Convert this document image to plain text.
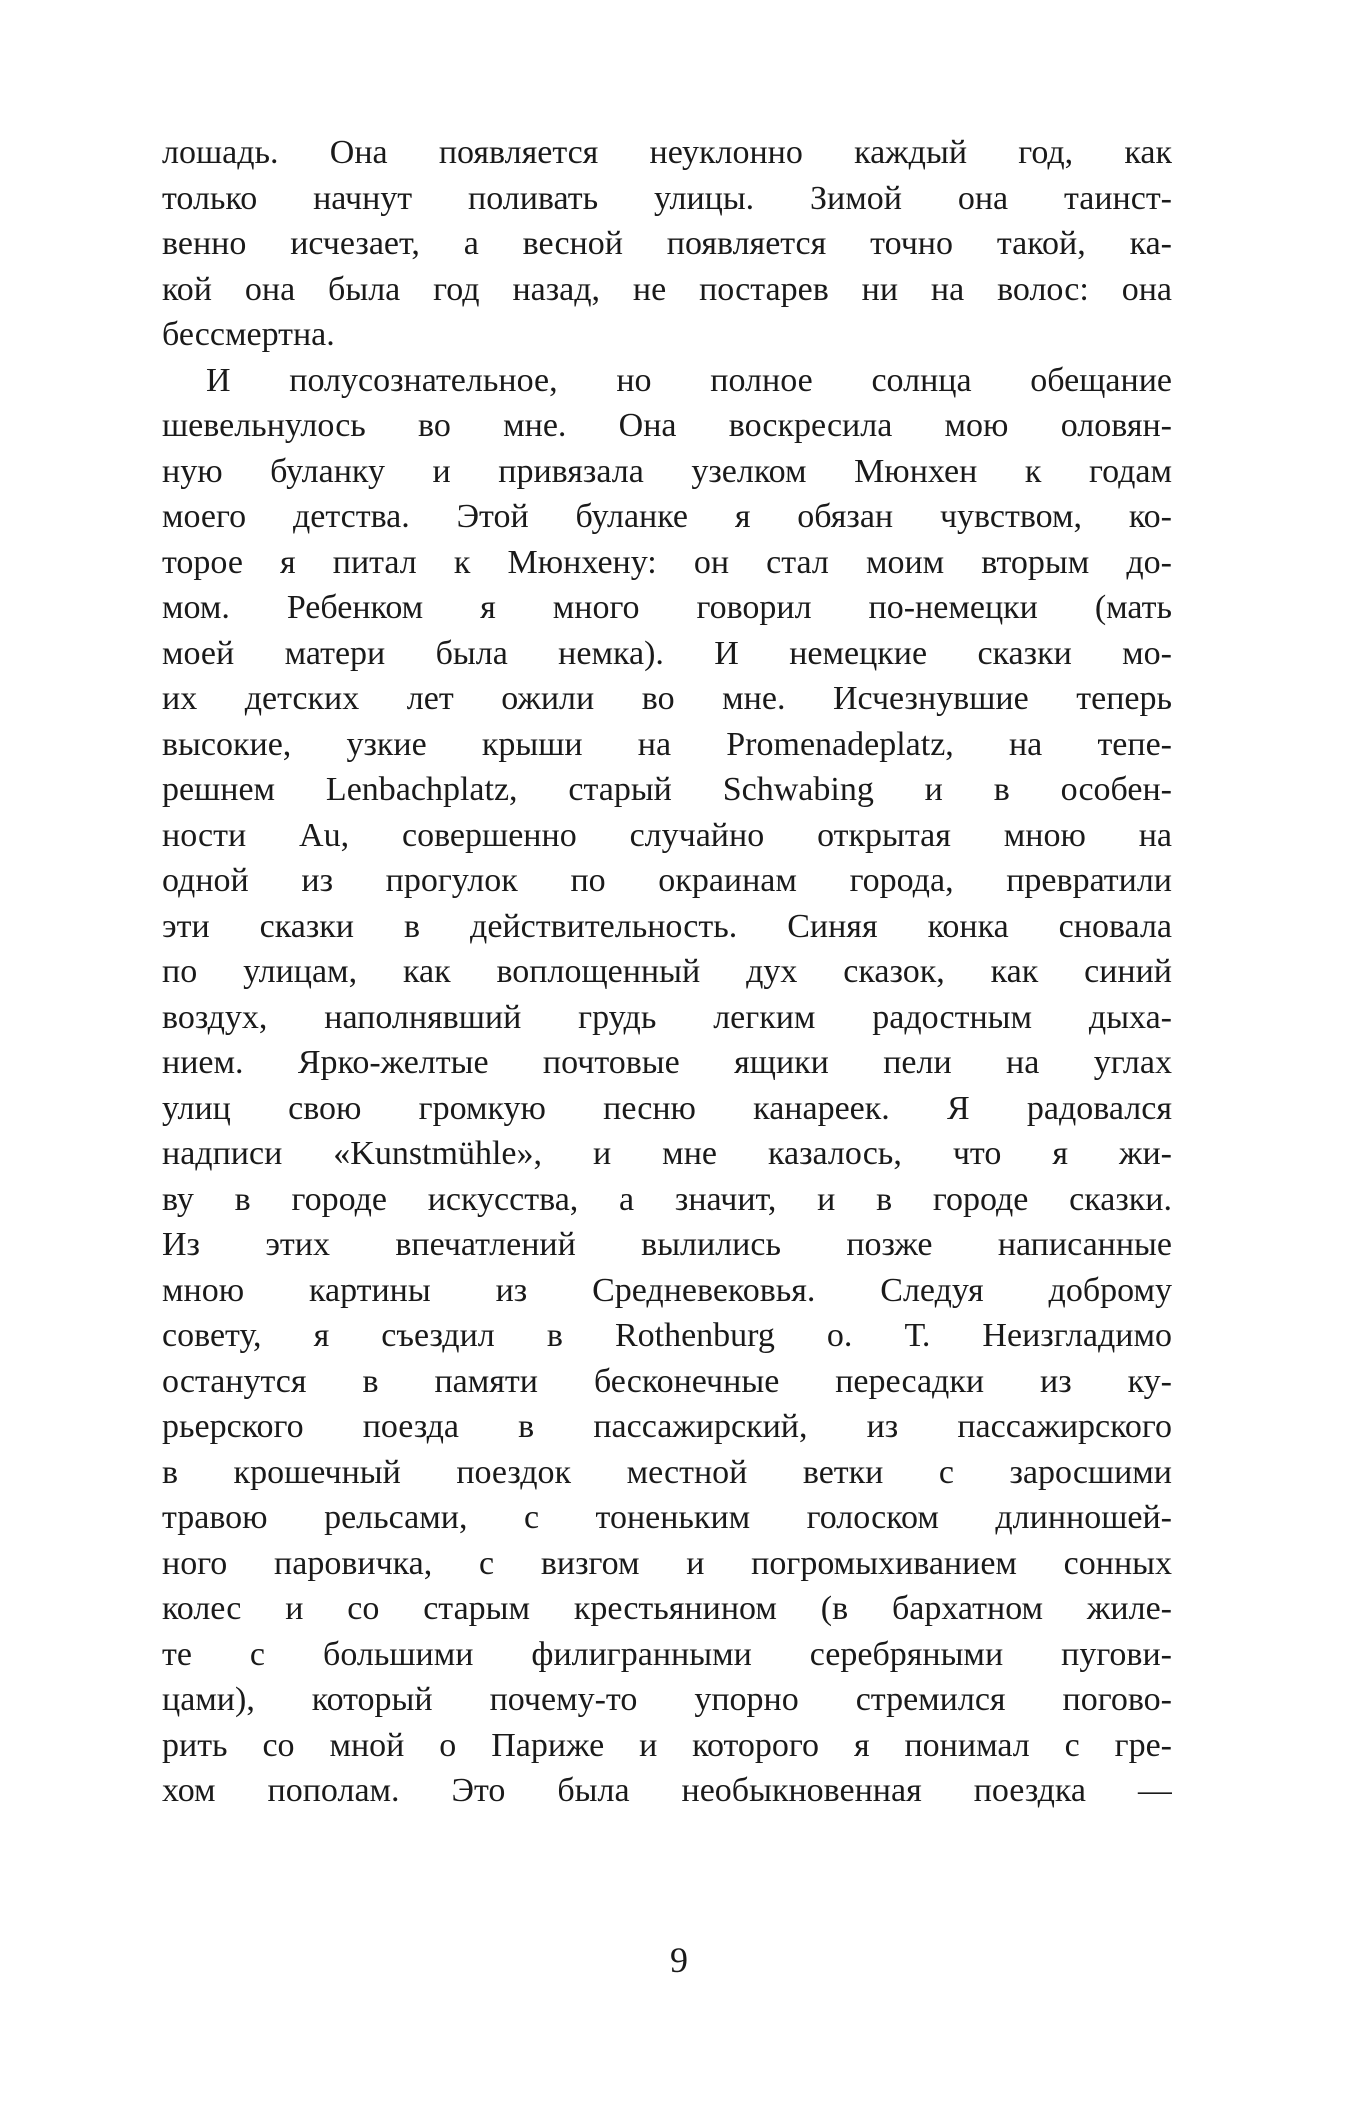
лошадь. Она появляется неуклонно каждый год, как
только начнут поливать улицы. Зимой она таинст-
венно исчезает, а весной появляется точно такой, ка-
кой она была год назад, не постарев ни на волос: она
бессмертна.
И полусознательное, но полное солнца обещание
шевельнулось во мне. Она воскресила мою оловян-
ную буланку и привязала узелком Мюнхен к годам
моего детства. Этой буланке я обязан чувством, ко-
торое я питал к Мюнхену: он стал моим вторым до-
мом. Ребенком я много говорил по-немецки (мать
моей матери была немка). И немецкие сказки мо-
их детских лет ожили во мне. Исчезнувшие теперь
высокие, узкие крыши на Promenadeplatz, на тепе-
решнем Lenbachplatz, старый Schwabing и в особен-
ности Au, совершенно случайно открытая мною на
одной из прогулок по окраинам города, превратили
эти сказки в действительность. Синяя конка сновала
по улицам, как воплощенный дух сказок, как синий
воздух, наполнявший грудь легким радостным дыха-
нием. Ярко-желтые почтовые ящики пели на углах
улиц свою громкую песню канареек. Я радовался
надписи «Kunstmühle», и мне казалось, что я жи-
ву в городе искусства, а значит, и в городе сказки.
Из этих впечатлений вылились позже написанные
мною картины из Средневековья. Следуя доброму
совету, я съездил в Rothenburg о. Т. Неизгладимо
останутся в памяти бесконечные пересадки из ку-
рьерского поезда в пассажирский, из пассажирского
в крошечный поездок местной ветки с заросшими
травою рельсами, с тоненьким голоском длинношей-
ного паровичка, с визгом и погромыхиванием сонных
колес и со старым крестьянином (в бархатном жиле-
те с большими филигранными серебряными пугови-
цами), который почему-то упорно стремился погово-
рить со мной о Париже и которого я понимал с гре-
хом пополам. Это была необыкновенная поездка —
9
